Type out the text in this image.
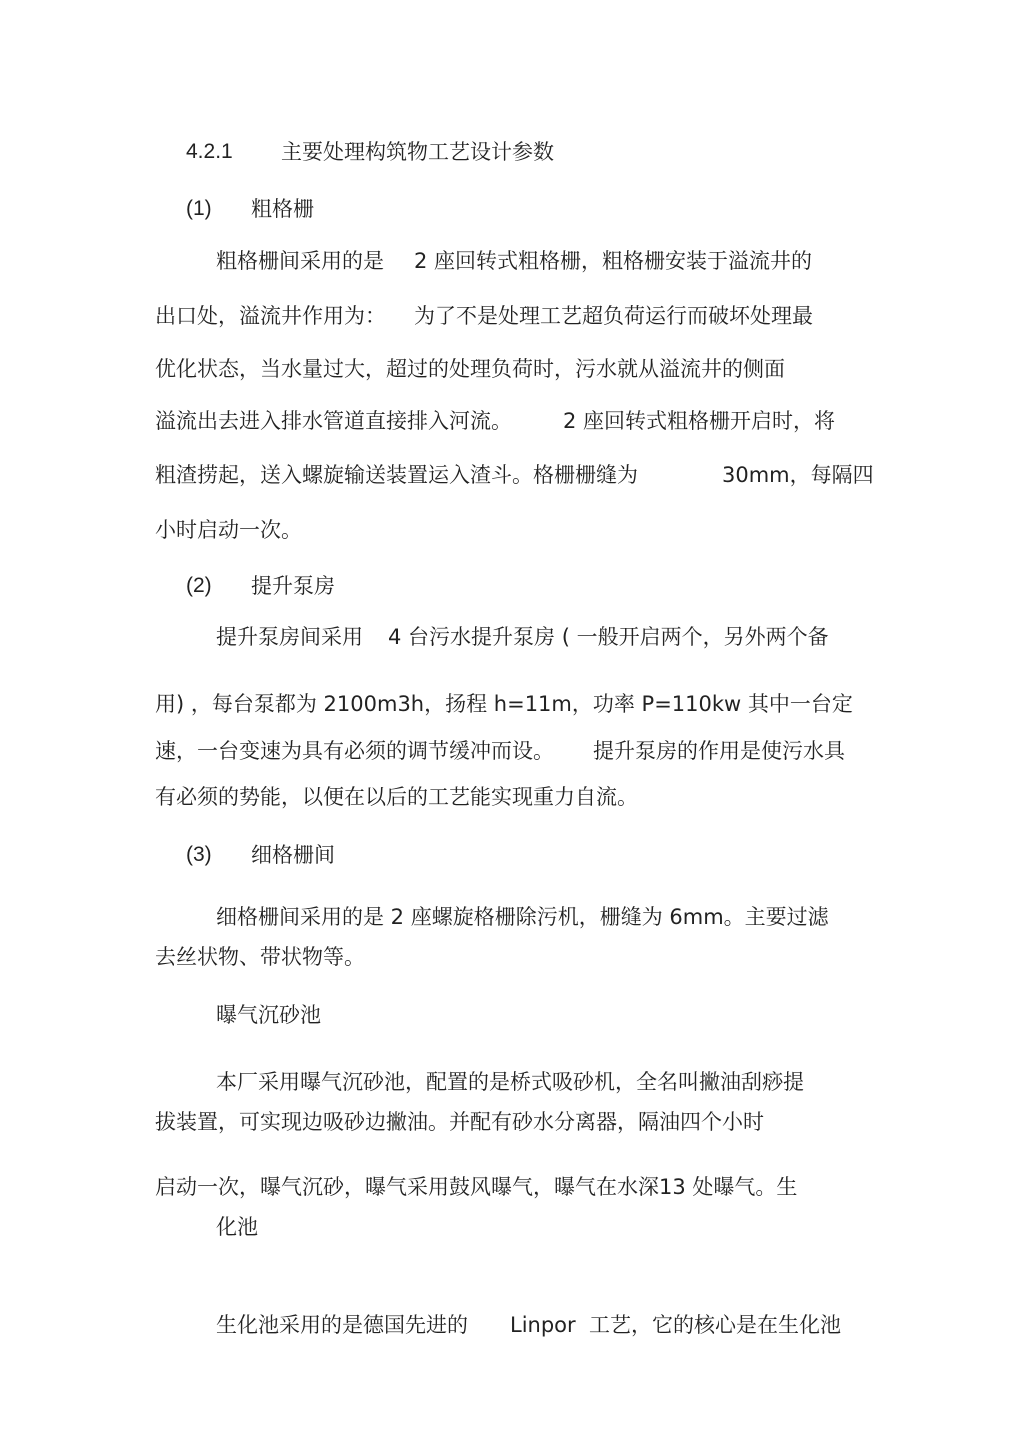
4.2.1 主要处理构筑物工艺设计参数
(1) 粗格栅
粗格栅间采用的是 2 座回转式粗格栅，粗格栅安装于溢流井的
出口处，溢流井作用为： 为了不是处理工艺超负荷运行而破坏处理最
优化状态，当水量过大，超过的处理负荷时，污水就从溢流井的侧面
溢流出去进入排水管道直接排入河流。 2 座回转式粗格栅开启时，将
粗渣捞起，送入螺旋输送装置运入渣斗。格栅栅缝为	30mm，每隔四
小时启动一次。
(2) 提升泵房
提升泵房间采用 4 台污水提升泵房 ( 一般开启两个，另外两个备
用) ，每台泵都为 2100m3h，扬程 h=11m，功率 P=110kw 其中一台定
速，一台变速为具有必须的调节缓冲而设。 提升泵房的作用是使污水具
有必须的势能，以便在以后的工艺能实现重力自流。
(3) 细格栅间
细格栅间采用的是 2 座螺旋格栅除污机，栅缝为 6mm。主要过滤
去丝状物、带状物等。
曝气沉砂池
本厂采用曝气沉砂池，配置的是桥式吸砂机，全名叫撇油刮痧提
拔装置，可实现边吸砂边撇油。并配有砂水分离器，隔油四个小时
启动一次，曝气沉砂，曝气采用鼓风曝气，曝气在水深13 处曝气。生
化池
生化池采用的是德国先进的 Linpor  工艺，它的核心是在生化池
